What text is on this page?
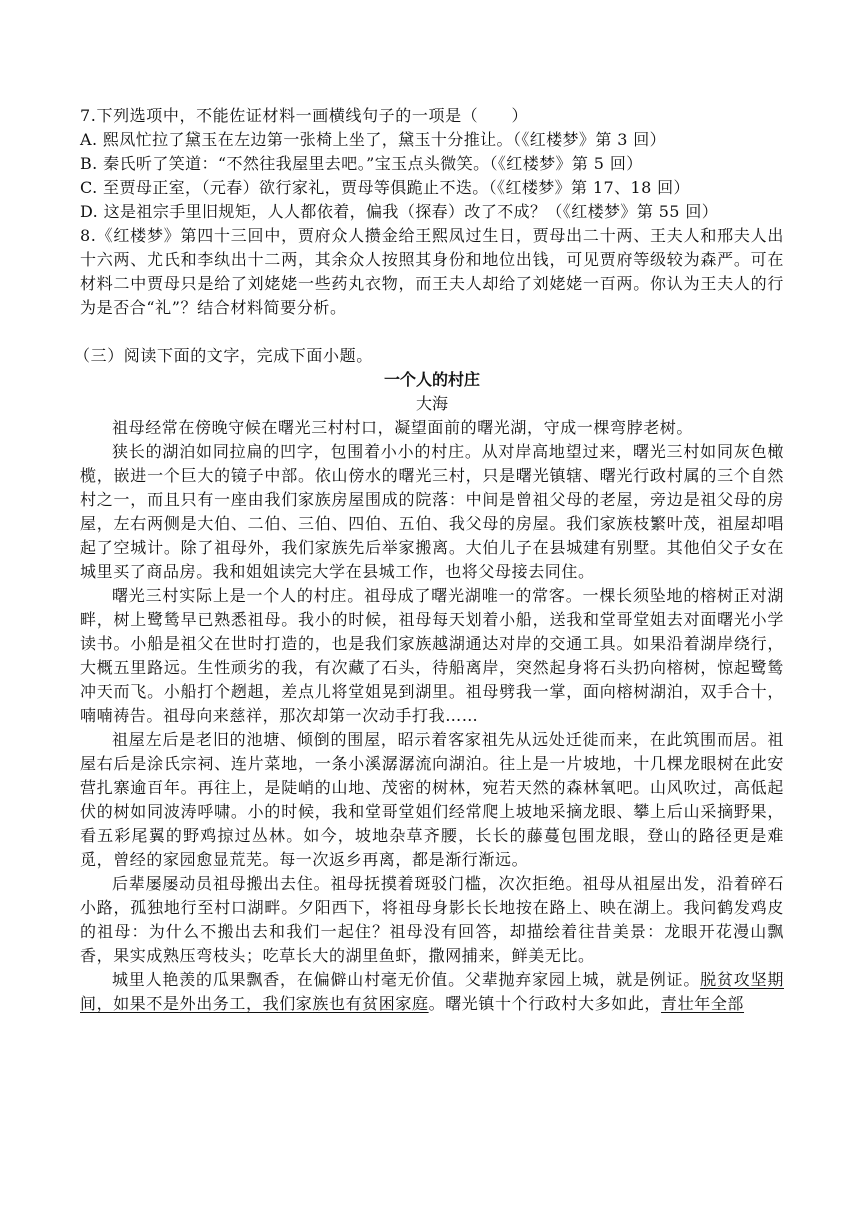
7.下列选项中，不能佐证材料一画横线句子的一项是（　　）
A. 熙凤忙拉了黛玉在左边第一张椅上坐了，黛玉十分推让。（《红楼梦》第 3 回）
B. 秦氏听了笑道：“不然往我屋里去吧。”宝玉点头微笑。（《红楼梦》第 5 回）
C. 至贾母正室，（元春）欲行家礼，贾母等俱跪止不迭。（《红楼梦》第 17、18 回）
D. 这是祖宗手里旧规矩，人人都依着，偏我（探春）改了不成？（《红楼梦》第 55 回）

8.《红楼梦》第四十三回中，贾府众人攒金给王熙凤过生日，贾母出二十两、王夫人和邢夫人出十六两、尤氏和李纨出十二两，其余众人按照其身份和地位出钱，可见贾府等级较为森严。可在材料二中贾母只是给了刘姥姥一些药丸衣物，而王夫人却给了刘姥姥一百两。你认为王夫人的行为是否合“礼”？结合材料简要分析。

（三）阅读下面的文字，完成下面小题。
一个人的村庄
大海

祖母经常在傍晚守候在曙光三村村口，凝望面前的曙光湖，守成一棵弯脖老树。

狭长的湖泊如同拉扁的凹字，包围着小小的村庄。从对岸高地望过来，曙光三村如同灰色橄榄，嵌进一个巨大的镜子中部。依山傍水的曙光三村，只是曙光镇辖、曙光行政村属的三个自然村之一，而且只有一座由我们家族房屋围成的院落：中间是曾祖父母的老屋，旁边是祖父母的房屋，左右两侧是大伯、二伯、三伯、四伯、五伯、我父母的房屋。我们家族枝繁叶茂，祖屋却唱起了空城计。除了祖母外，我们家族先后举家搬离。大伯儿子在县城建有别墅。其他伯父子女在城里买了商品房。我和姐姐读完大学在县城工作，也将父母接去同住。

曙光三村实际上是一个人的村庄。祖母成了曙光湖唯一的常客。一棵长须坠地的榕树正对湖畔，树上鹭鸶早已熟悉祖母。我小的时候，祖母每天划着小船，送我和堂哥堂姐去对面曙光小学读书。小船是祖父在世时打造的，也是我们家族越湖通达对岸的交通工具。如果沿着湖岸绕行，大概五里路远。生性顽劣的我，有次藏了石头，待船离岸，突然起身将石头扔向榕树，惊起鹭鸶冲天而飞。小船打个趔趄，差点儿将堂姐晃到湖里。祖母劈我一掌，面向榕树湖泊，双手合十，喃喃祷告。祖母向来慈祥，那次却第一次动手打我……

祖屋左后是老旧的池塘、倾倒的围屋，昭示着客家祖先从远处迁徙而来，在此筑围而居。祖屋右后是涂氏宗祠、连片菜地，一条小溪潺潺流向湖泊。往上是一片坡地，十几棵龙眼树在此安营扎寨逾百年。再往上，是陡峭的山地、茂密的树林，宛若天然的森林氧吧。山风吹过，高低起伏的树如同波涛呼啸。小的时候，我和堂哥堂姐们经常爬上坡地采摘龙眼、攀上后山采摘野果，看五彩尾翼的野鸡掠过丛林。如今，坡地杂草齐腰，长长的藤蔓包围龙眼，登山的路径更是难觅，曾经的家园愈显荒芜。每一次返乡再离，都是渐行渐远。

后辈屡屡动员祖母搬出去住。祖母抚摸着斑驳门槛，次次拒绝。祖母从祖屋出发，沿着碎石小路，孤独地行至村口湖畔。夕阳西下，将祖母身影长长地按在路上、映在湖上。我问鹤发鸡皮的祖母：为什么不搬出去和我们一起住？祖母没有回答，却描绘着往昔美景：龙眼开花漫山飘香，果实成熟压弯枝头；吃草长大的湖里鱼虾，撒网捕来，鲜美无比。

城里人艳羡的瓜果飘香，在偏僻山村毫无价值。父辈抛弃家园上城，就是例证。脱贫攻坚期间，如果不是外出务工，我们家族也有贫困家庭。曙光镇十个行政村大多如此，青壮年全部
